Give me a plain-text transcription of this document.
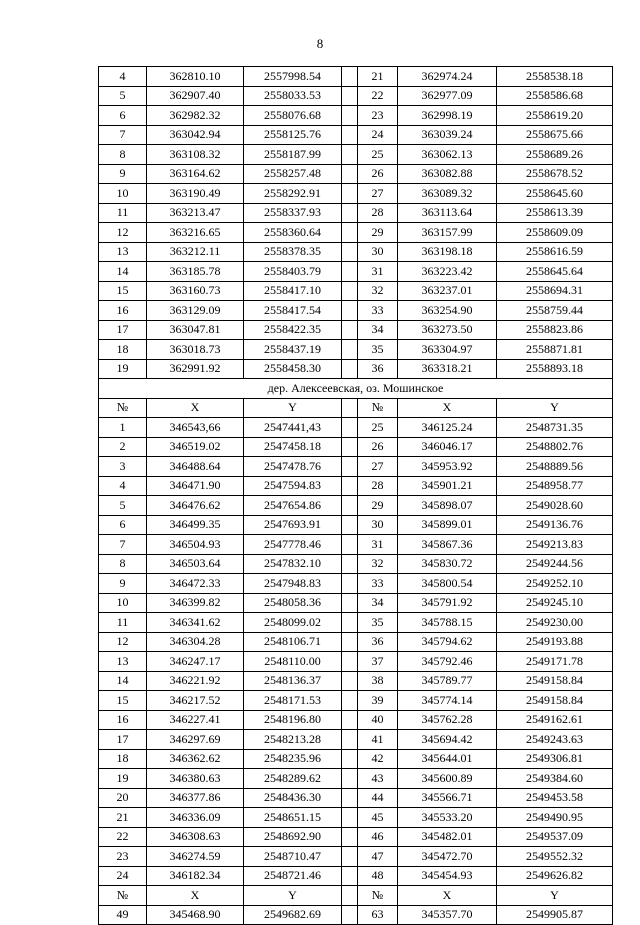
8
4	362810.10	2557998.54		21	362974.24	2558538.18
5	362907.40	2558033.53		22	362977.09	2558586.68
6	362982.32	2558076.68		23	362998.19	2558619.20
7	363042.94	2558125.76		24	363039.24	2558675.66
8	363108.32	2558187.99		25	363062.13	2558689.26
9	363164.62	2558257.48		26	363082.88	2558678.52
10	363190.49	2558292.91		27	363089.32	2558645.60
11	363213.47	2558337.93		28	363113.64	2558613.39
12	363216.65	2558360.64		29	363157.99	2558609.09
13	363212.11	2558378.35		30	363198.18	2558616.59
14	363185.78	2558403.79		31	363223.42	2558645.64
15	363160.73	2558417.10		32	363237.01	2558694.31
16	363129.09	2558417.54		33	363254.90	2558759.44
17	363047.81	2558422.35		34	363273.50	2558823.86
18	363018.73	2558437.19		35	363304.97	2558871.81
19	362991.92	2558458.30		36	363318.21	2558893.18
дер. Алексеевская, оз. Мошинское						
№	X	Y		№	X	Y
1	346543,66	2547441,43		25	346125.24	2548731.35
2	346519.02	2547458.18		26	346046.17	2548802.76
3	346488.64	2547478.76		27	345953.92	2548889.56
4	346471.90	2547594.83		28	345901.21	2548958.77
5	346476.62	2547654.86		29	345898.07	2549028.60
6	346499.35	2547693.91		30	345899.01	2549136.76
7	346504.93	2547778.46		31	345867.36	2549213.83
8	346503.64	2547832.10		32	345830.72	2549244.56
9	346472.33	2547948.83		33	345800.54	2549252.10
10	346399.82	2548058.36		34	345791.92	2549245.10
11	346341.62	2548099.02		35	345788.15	2549230.00
12	346304.28	2548106.71		36	345794.62	2549193.88
13	346247.17	2548110.00		37	345792.46	2549171.78
14	346221.92	2548136.37		38	345789.77	2549158.84
15	346217.52	2548171.53		39	345774.14	2549158.84
16	346227.41	2548196.80		40	345762.28	2549162.61
17	346297.69	2548213.28		41	345694.42	2549243.63
18	346362.62	2548235.96		42	345644.01	2549306.81
19	346380.63	2548289.62		43	345600.89	2549384.60
20	346377.86	2548436.30		44	345566.71	2549453.58
21	346336.09	2548651.15		45	345533.20	2549490.95
22	346308.63	2548692.90		46	345482.01	2549537.09
23	346274.59	2548710.47		47	345472.70	2549552.32
24	346182.34	2548721.46		48	345454.93	2549626.82
№	X	Y		№	X	Y
49	345468.90	2549682.69		63	345357.70	2549905.87
